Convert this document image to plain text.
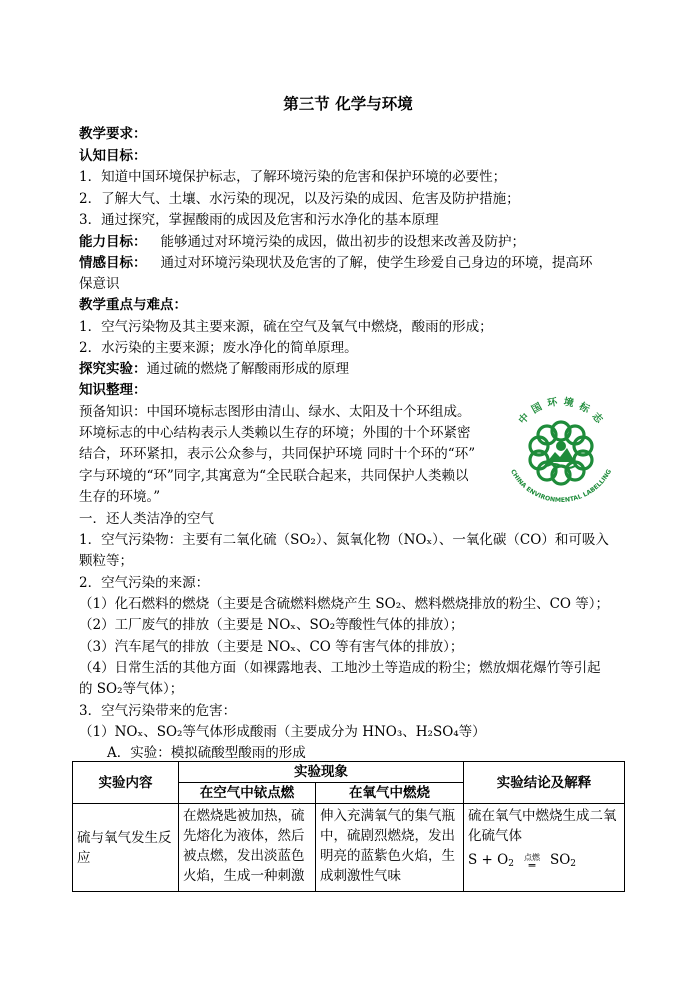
第三节 化学与环境
教学要求：
认知目标：
1．知道中国环境保护标志，了解环境污染的危害和保护环境的必要性；
2．了解大气、土壤、水污染的现况，以及污染的成因、危害及防护措施；
3．通过探究，掌握酸雨的成因及危害和污水净化的基本原理
能力目标： 能够通过对环境污染的成因，做出初步的设想来改善及防护；
情感目标： 通过对环境污染现状及危害的了解，使学生珍爱自己身边的环境，提高环
保意识
教学重点与难点：
1．空气污染物及其主要来源，硫在空气及氧气中燃烧，酸雨的形成；
2．水污染的主要来源；废水净化的简单原理。
探究实验：通过硫的燃烧了解酸雨形成的原理
知识整理：
预备知识：中国环境标志图形由清山、绿水、太阳及十个环组成。
环境标志的中心结构表示人类赖以生存的环境；外围的十个环紧密
结合，环环紧扣，表示公众参与，共同保护环境 同时十个环的“环”
字与环境的“环”同字,其寓意为“全民联合起来，共同保护人类赖以
生存的环境。”
中 国 环 境 标 志
CHINA ENVIRONMENTAL LABELLING
一．还人类洁净的空气
1．空气污染物：主要有二氧化硫（SO₂）、氮氧化物（NOₓ）、一氧化碳（CO）和可吸入
颗粒等；
2．空气污染的来源：
（1）化石燃料的燃烧（主要是含硫燃料燃烧产生 SO₂、燃料燃烧排放的粉尘、CO 等）；
（2）工厂废气的排放（主要是 NOₓ、SO₂等酸性气体的排放）；
（3）汽车尾气的排放（主要是 NOₓ、CO 等有害气体的排放）；
（4）日常生活的其他方面（如裸露地表、工地沙土等造成的粉尘；燃放烟花爆竹等引起
的 SO₂等气体）；
3．空气污染带来的危害：
（1）NOₓ、SO₂等气体形成酸雨（主要成分为 HNO₃、H₂SO₄等）
A．实验：模拟硫酸型酸雨的形成
实验内容	实验现象		实验结论及解释
	在空气中铱点燃	在氧气中燃烧	
硫与氧气发生反应	在燃烧匙被加热，硫先熔化为液体，然后被点燃，发出淡蓝色火焰，生成一种刺激	伸入充满氧气的集气瓶中，硫剧烈燃烧，发出明亮的蓝紫色火焰，生成刺激性气味	硫在氧气中燃烧生成二氧化硫气体
$S + O_2$
点燃
═ $SO_2$
